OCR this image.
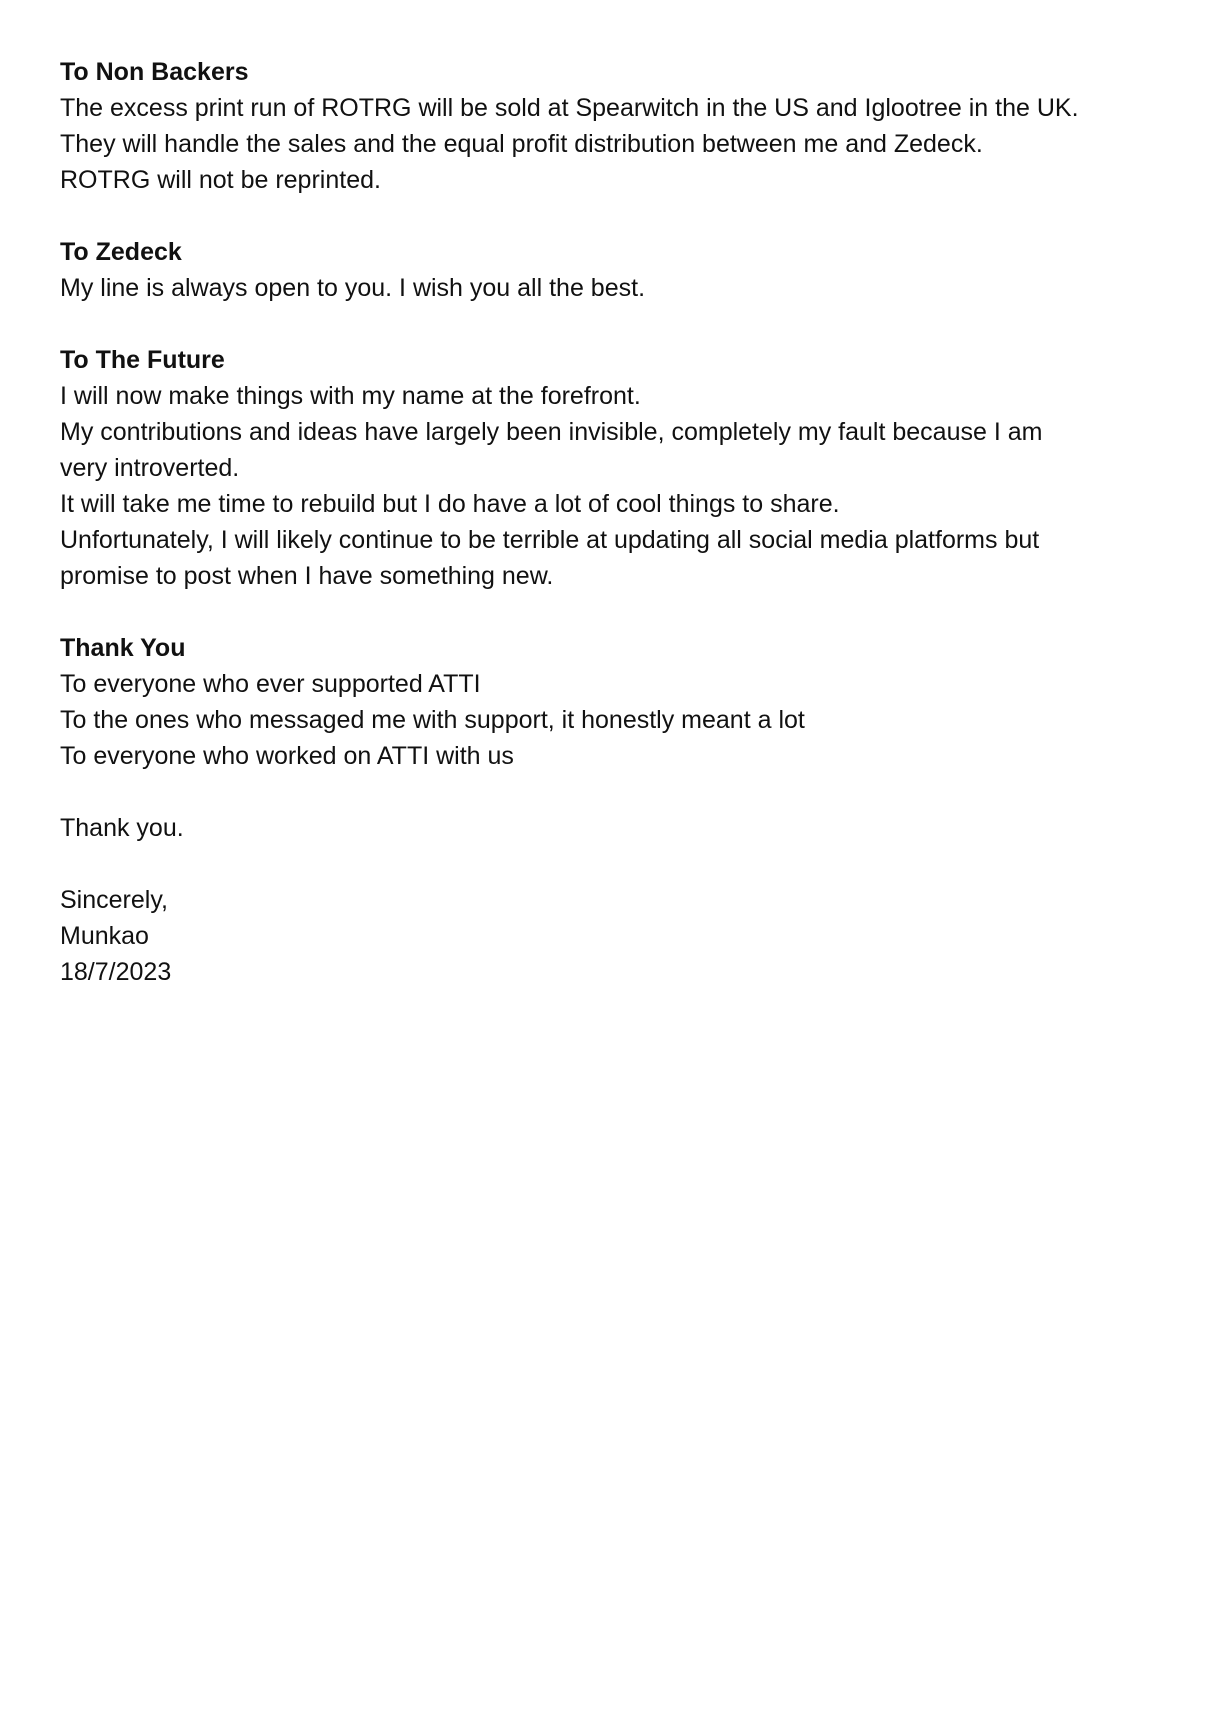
To Non Backers
The excess print run of ROTRG will be sold at Spearwitch in the US and Iglootree in the UK.
They will handle the sales and the equal profit distribution between me and Zedeck.
ROTRG will not be reprinted.
To Zedeck
My line is always open to you. I wish you all the best.
To The Future
I will now make things with my name at the forefront.
My contributions and ideas have largely been invisible, completely my fault because I am
very introverted.
It will take me time to rebuild but I do have a lot of cool things to share.
Unfortunately, I will likely continue to be terrible at updating all social media platforms but
promise to post when I have something new.
Thank You
To everyone who ever supported ATTI
To the ones who messaged me with support, it honestly meant a lot
To everyone who worked on ATTI with us
Thank you.
Sincerely,
Munkao
18/7/2023
